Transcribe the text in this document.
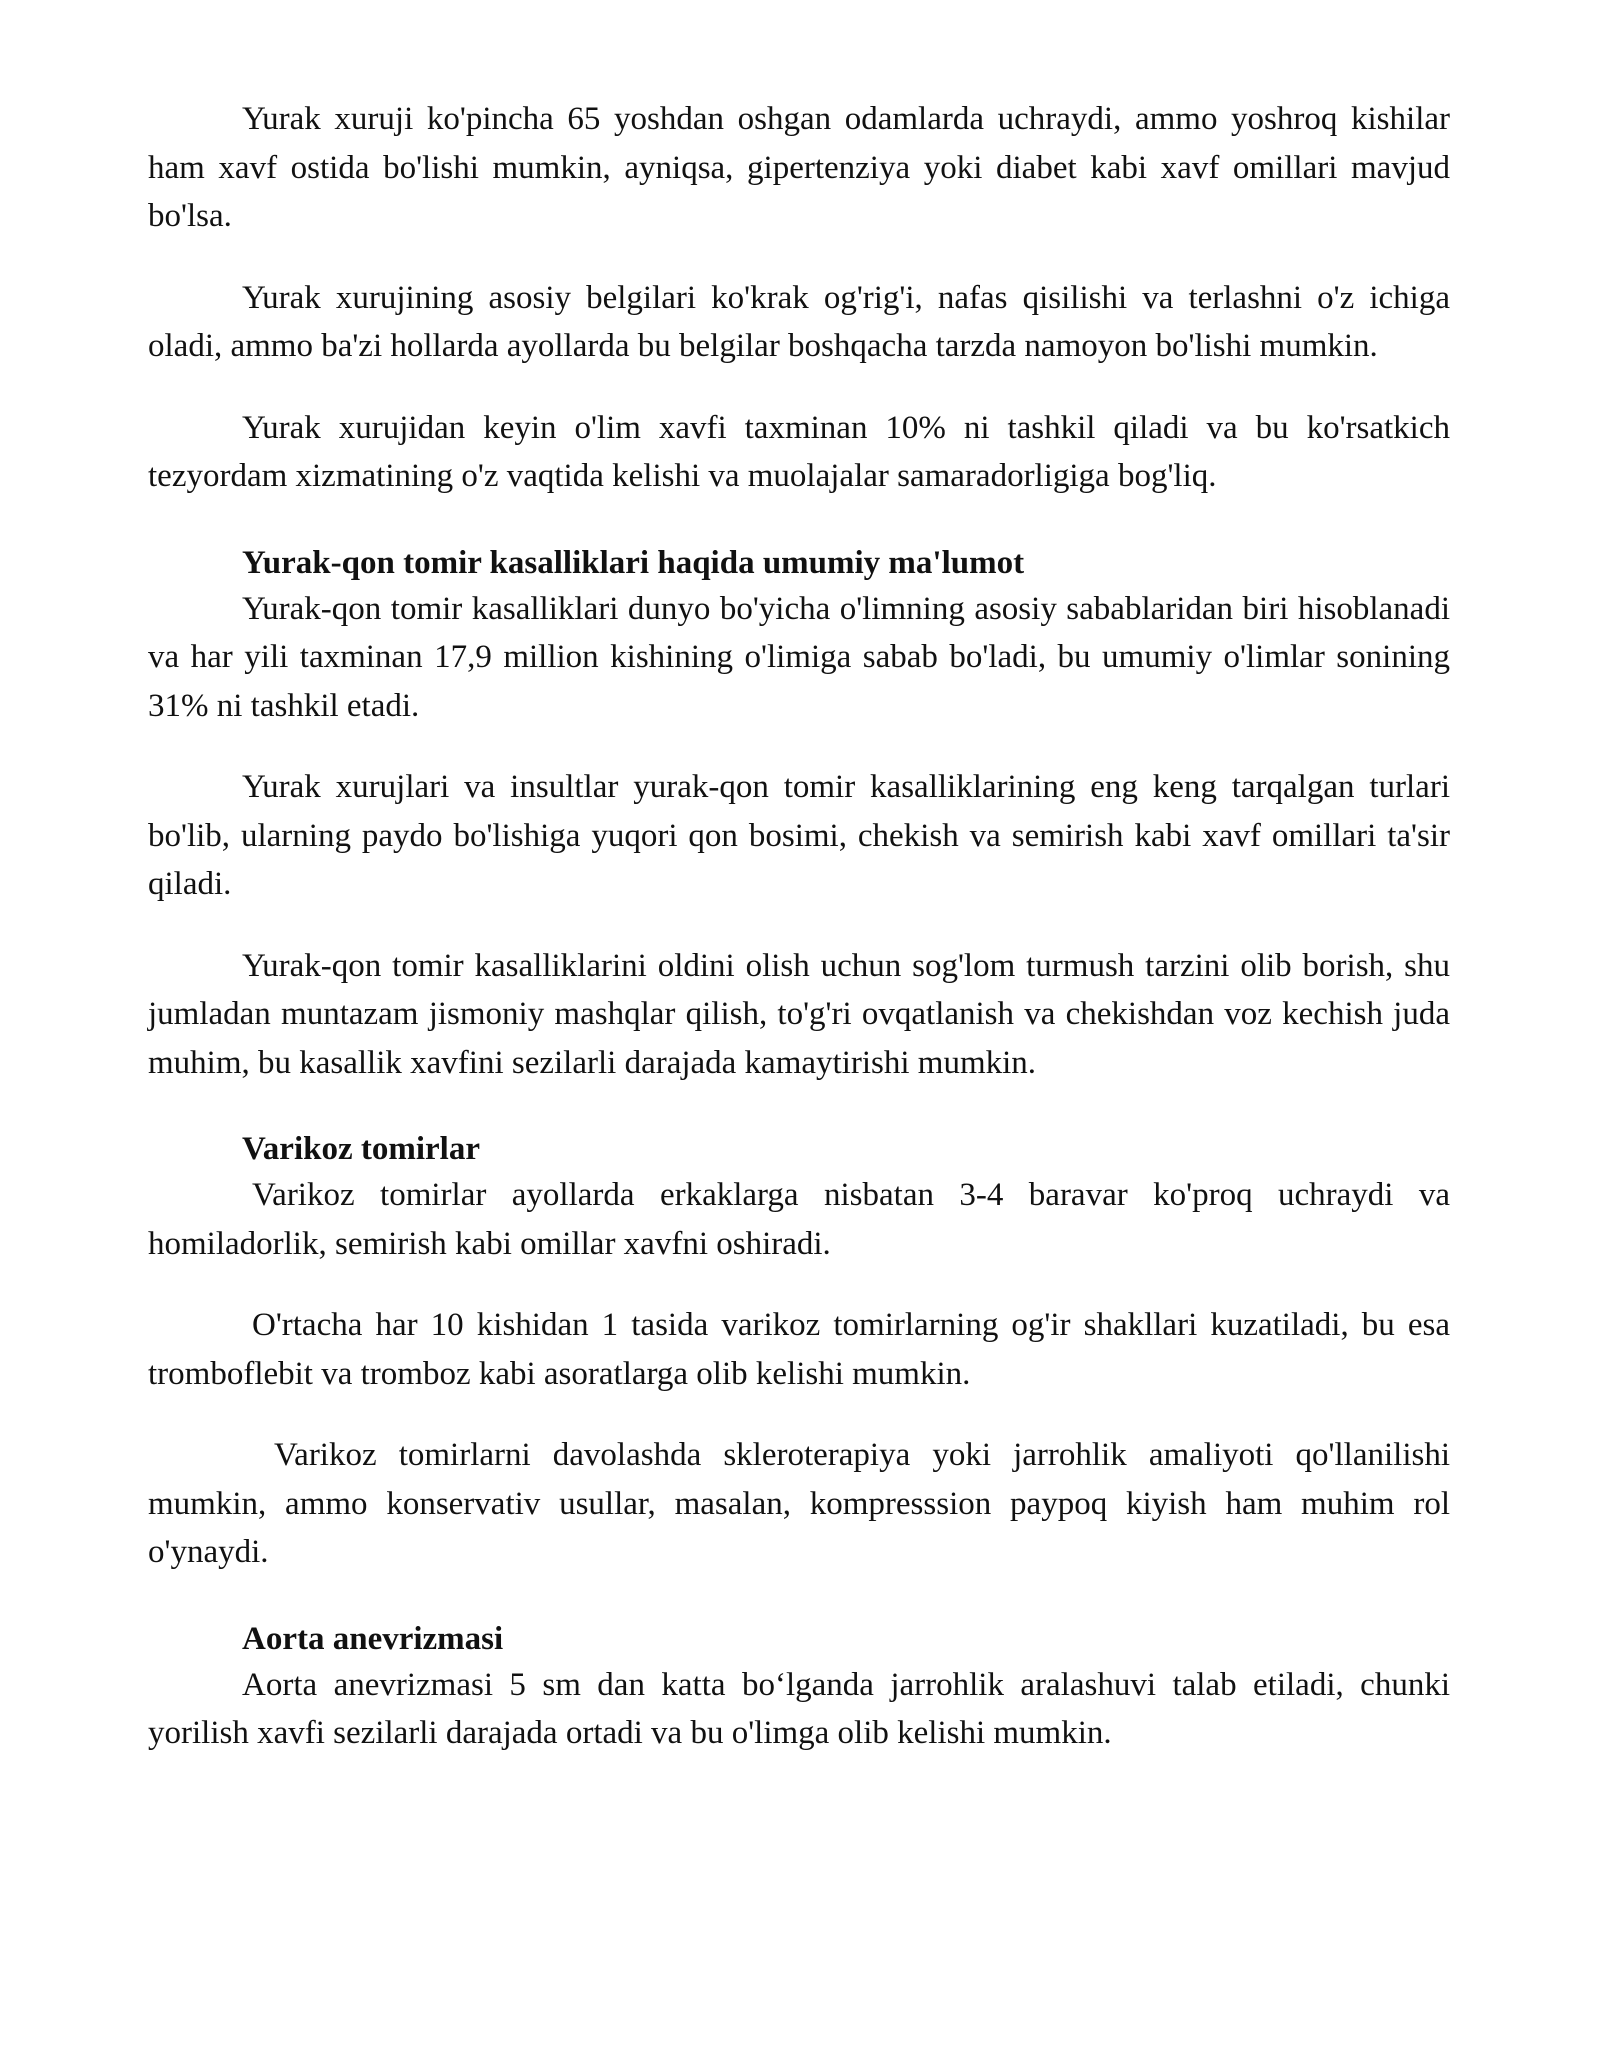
Yurak xuruji ko'pincha 65 yoshdan oshgan odamlarda uchraydi, ammo yoshroq kishilar ham xavf ostida bo'lishi mumkin, ayniqsa, gipertenziya yoki diabet kabi xavf omillari mavjud bo'lsa.

Yurak xurujining asosiy belgilari ko'krak og'rig'i, nafas qisilishi va terlashni o'z ichiga oladi, ammo ba'zi hollarda ayollarda bu belgilar boshqacha tarzda namoyon bo'lishi mumkin.

Yurak xurujidan keyin o'lim xavfi taxminan 10% ni tashkil qiladi va bu ko'rsatkich tezyordam xizmatining o'z vaqtida kelishi va muolajalar samaradorligiga bog'liq.

Yurak-qon tomir kasalliklari haqida umumiy ma'lumot

Yurak-qon tomir kasalliklari dunyo bo'yicha o'limning asosiy sabablaridan biri hisoblanadi va har yili taxminan 17,9 million kishining o'limiga sabab bo'ladi, bu umumiy o'limlar sonining 31% ni tashkil etadi.

Yurak xurujlari va insultlar yurak-qon tomir kasalliklarining eng keng tarqalgan turlari bo'lib, ularning paydo bo'lishiga yuqori qon bosimi, chekish va semirish kabi xavf omillari ta'sir qiladi.

Yurak-qon tomir kasalliklarini oldini olish uchun sog'lom turmush tarzini olib borish, shu jumladan muntazam jismoniy mashqlar qilish, to'g'ri ovqatlanish va chekishdan voz kechish juda muhim, bu kasallik xavfini sezilarli darajada kamaytirishi mumkin.

Varikoz tomirlar

Varikoz tomirlar ayollarda erkaklarga nisbatan 3-4 baravar ko'proq uchraydi va homiladorlik, semirish kabi omillar xavfni oshiradi.

O'rtacha har 10 kishidan 1 tasida varikoz tomirlarning og'ir shakllari kuzatiladi, bu esa tromboflebit va tromboz kabi asoratlarga olib kelishi mumkin.

Varikoz tomirlarni davolashda skleroterapiya yoki jarrohlik amaliyoti qo'llanilishi mumkin, ammo konservativ usullar, masalan, kompresssion paypoq kiyish ham muhim rol o'ynaydi.

Aorta anevrizmasi

Aorta anevrizmasi 5 sm dan katta bo‘lganda jarrohlik aralashuvi talab etiladi, chunki yorilish xavfi sezilarli darajada ortadi va bu o'limga olib kelishi mumkin.
